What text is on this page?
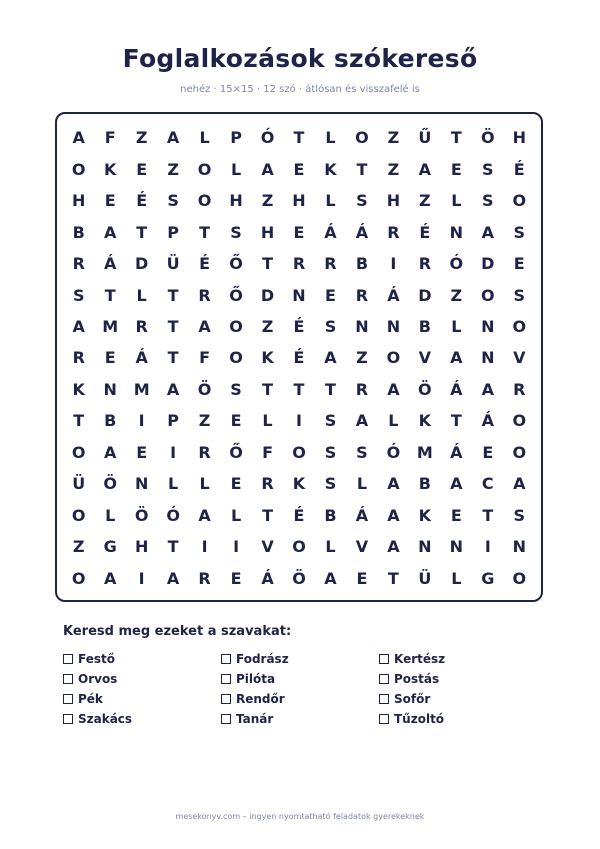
Foglalkozások szókereső
nehéz · 15×15 · 12 szó · átlósan és visszafelé is
A	F	Z	A	L	P	Ó	T	L	O	Z	Ű	T	Ö	H
O	K	E	Z	O	L	A	E	K	T	Z	A	E	S	É
H	E	É	S	O	H	Z	H	L	S	H	Z	L	S	O
B	A	T	P	T	S	H	E	Á	Á	R	É	N	A	S
R	Á	D	Ü	É	Ő	T	R	R	B	I	R	Ó	D	E
S	T	L	T	R	Ő	D	N	E	R	Á	D	Z	O	S
A	M	R	T	A	O	Z	É	S	N	N	B	L	N	O
R	E	Á	T	F	O	K	É	A	Z	O	V	A	N	V
K	N	M	A	Ö	S	T	T	T	R	A	Ö	Á	A	R
T	B	I	P	Z	E	L	I	S	A	L	K	T	Á	O
O	A	E	I	R	Ő	F	O	S	S	Ó	M	Á	E	O
Ü	Ö	N	L	L	E	R	K	S	L	A	B	A	C	A
O	L	Ö	Ó	A	L	T	É	B	Á	A	K	E	T	S
Z	G	H	T	I	I	V	O	L	V	A	N	N	I	N
O	A	I	A	R	E	Á	Ö	A	E	T	Ü	L	G	O
Keresd meg ezeket a szavakat:
Festő	Fodrász	Kertész
Orvos	Pilóta	Postás
Pék	Rendőr	Sofőr
Szakács	Tanár	Tűzoltó
mesekonyv.com – ingyen nyomtatható feladatok gyerekeknek
